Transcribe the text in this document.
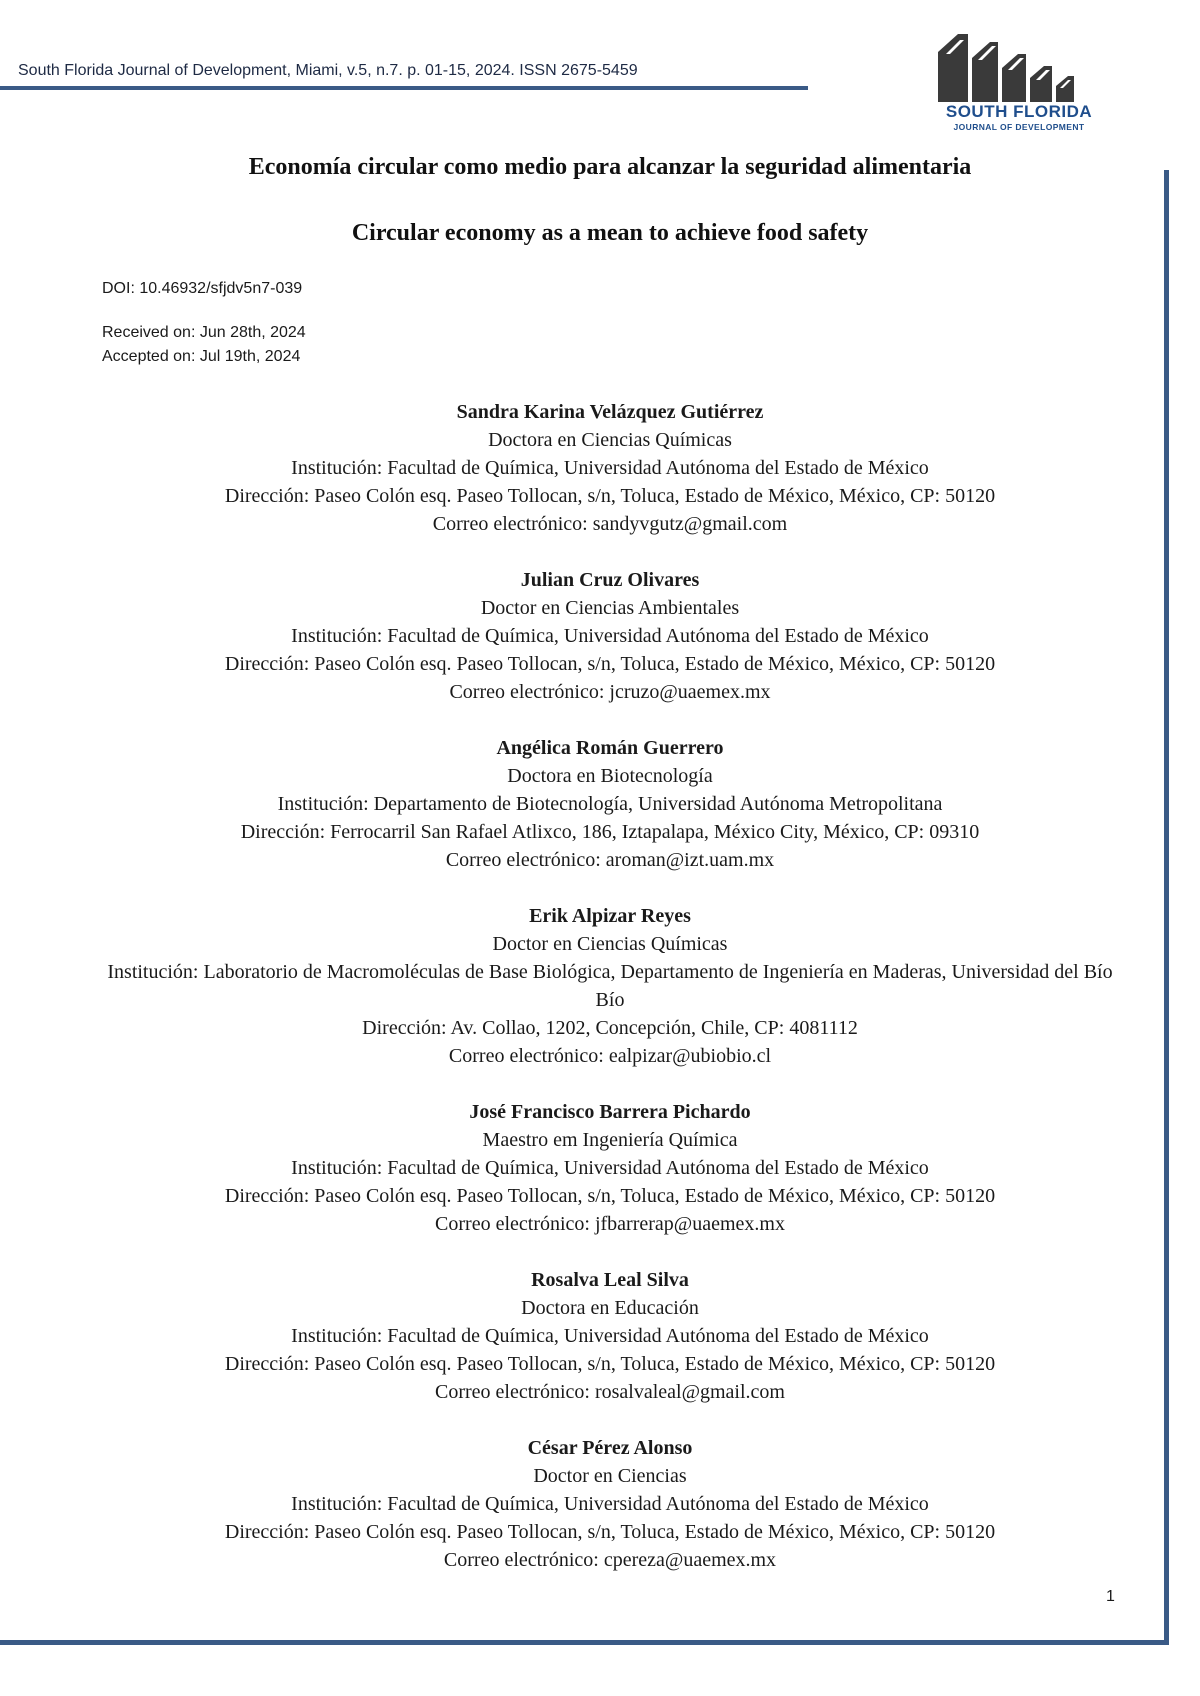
South Florida Journal of Development, Miami, v.5, n.7. p. 01-15, 2024. ISSN 2675-5459
SOUTH FLORIDA
JOURNAL OF DEVELOPMENT
Economía circular como medio para alcanzar la seguridad alimentaria
Circular economy as a mean to achieve food safety
DOI: 10.46932/sfjdv5n7-039
Received on: Jun 28th, 2024
Accepted on: Jul 19th, 2024
Sandra Karina Velázquez Gutiérrez
Doctora en Ciencias Químicas
Institución: Facultad de Química, Universidad Autónoma del Estado de México
Dirección: Paseo Colón esq. Paseo Tollocan, s/n, Toluca, Estado de México, México, CP: 50120
Correo electrónico: sandyvgutz@gmail.com
Julian Cruz Olivares
Doctor en Ciencias Ambientales
Institución: Facultad de Química, Universidad Autónoma del Estado de México
Dirección: Paseo Colón esq. Paseo Tollocan, s/n, Toluca, Estado de México, México, CP: 50120
Correo electrónico: jcruzo@uaemex.mx
Angélica Román Guerrero
Doctora en Biotecnología
Institución: Departamento de Biotecnología, Universidad Autónoma Metropolitana
Dirección: Ferrocarril San Rafael Atlixco, 186, Iztapalapa, México City, México, CP: 09310
Correo electrónico: aroman@izt.uam.mx
Erik Alpizar Reyes
Doctor en Ciencias Químicas
Institución: Laboratorio de Macromoléculas de Base Biológica, Departamento de Ingeniería en Maderas, Universidad del Bío Bío
Dirección: Av. Collao, 1202, Concepción, Chile, CP: 4081112
Correo electrónico: ealpizar@ubiobio.cl
José Francisco Barrera Pichardo
Maestro em Ingeniería Química
Institución: Facultad de Química, Universidad Autónoma del Estado de México
Dirección: Paseo Colón esq. Paseo Tollocan, s/n, Toluca, Estado de México, México, CP: 50120
Correo electrónico: jfbarrerap@uaemex.mx
Rosalva Leal Silva
Doctora en Educación
Institución: Facultad de Química, Universidad Autónoma del Estado de México
Dirección: Paseo Colón esq. Paseo Tollocan, s/n, Toluca, Estado de México, México, CP: 50120
Correo electrónico: rosalvaleal@gmail.com
César Pérez Alonso
Doctor en Ciencias
Institución: Facultad de Química, Universidad Autónoma del Estado de México
Dirección: Paseo Colón esq. Paseo Tollocan, s/n, Toluca, Estado de México, México, CP: 50120
Correo electrónico: cpereza@uaemex.mx
1
